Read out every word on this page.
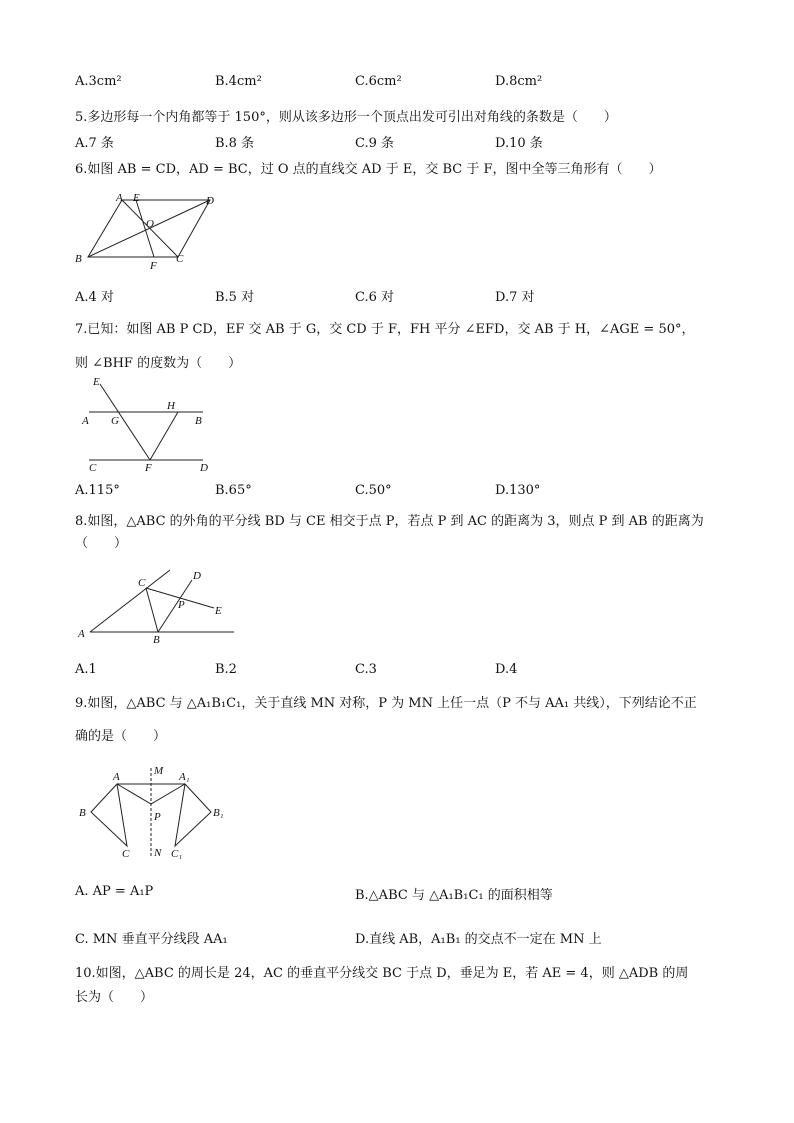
A.3cm²	B.4cm²	C.6cm²	D.8cm²
5.多边形每一个内角都等于 150°，则从该多边形一个顶点出发可引出对角线的条数是（　　）
A.7 条	B.8 条	C.9 条	D.10 条
6.如图 AB = CD，AD = BC，过 O 点的直线交 AD 于 E，交 BC 于 F，图中全等三角形有（　　）
A E	D
O
B
F
C
A.4 对	B.5 对	C.6 对	D.7 对
7.已知：如图 AB P CD，EF 交 AB 于 G，交 CD 于 F，FH 平分 ∠EFD，交 AB 于 H，∠AGE = 50°，
则 ∠BHF 的度数为（　　）
E
H
A G	B
C	F	D
A.115°	B.65°	C.50°	D.130°
8.如图，△ABC 的外角的平分线 BD 与 CE 相交于点 P，若点 P 到 AC 的距离为 3，则点 P 到 AB 的距离为
（　　）
C
D
P	E
A	B
A.1	B.2	C.3	D.4
9.如图，△ABC 与 △A₁B₁C₁，关于直线 MN 对称，P 为 MN 上任一点（P 不与 AA₁ 共线），下列结论不正
确的是（　　）
A	M A₁
B	P	B₁
C N C₁
A. AP = A₁P	B.△ABC 与 △A₁B₁C₁ 的面积相等
C. MN 垂直平分线段 AA₁	D.直线 AB，A₁B₁ 的交点不一定在 MN 上
10.如图，△ABC 的周长是 24，AC 的垂直平分线交 BC 于点 D，垂足为 E，若 AE = 4，则 △ADB 的周
长为（　　）
